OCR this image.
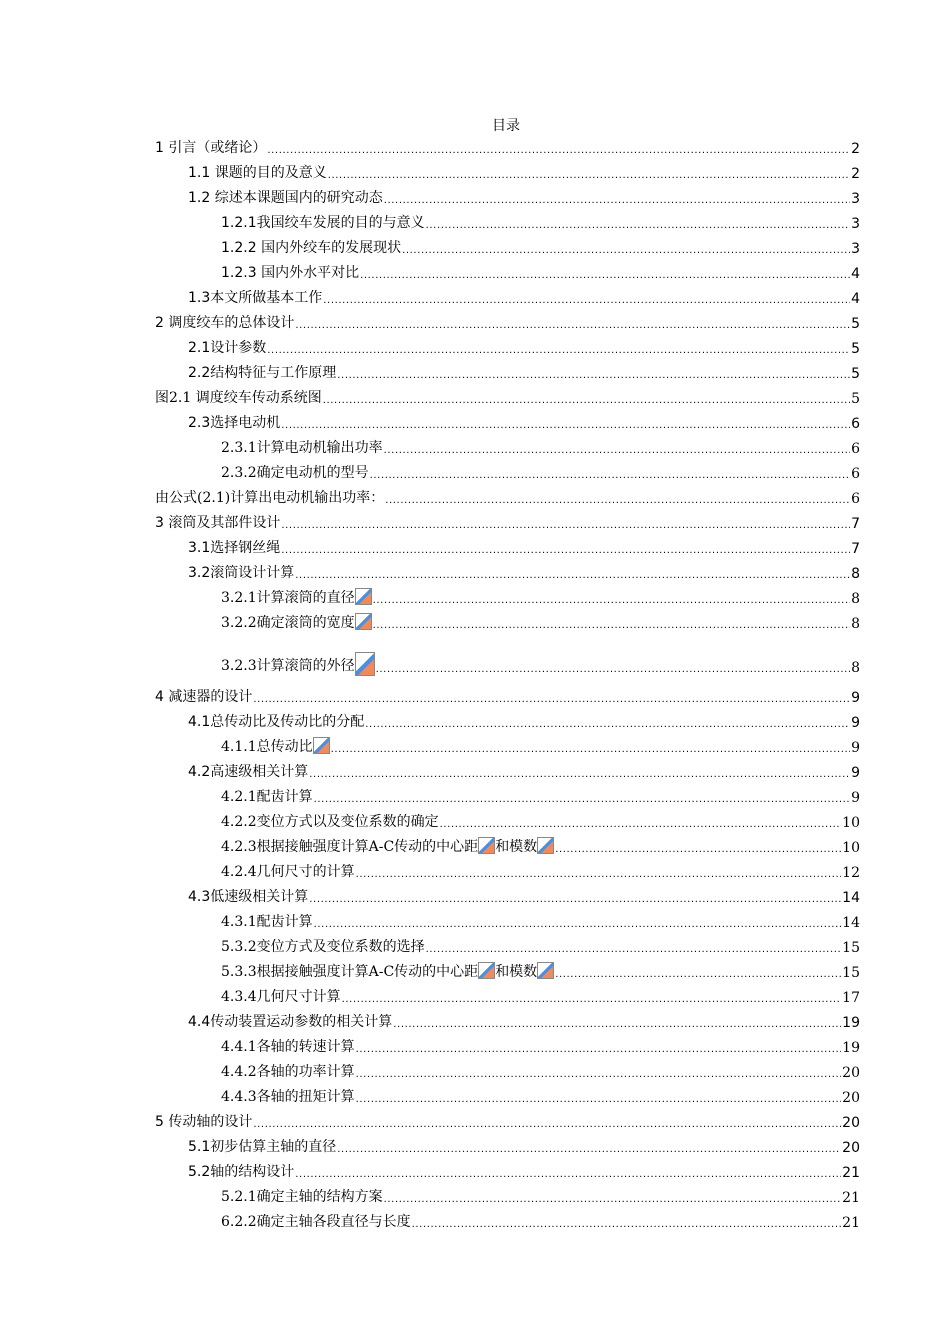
目录
1 引言（或绪论） .....	2
1.1 课题的目的及意义 .....	2
1.2 综述本课题国内的研究动态 .....	3
1.2.1我国绞车发展的目的与意义 .....	3
1.2.2 国内外绞车的发展现状 .....	3
1.2.3 国内外水平对比 .....	4
1.3本文所做基本工作 .....	4
2 调度绞车的总体设计 .....	5
2.1设计参数 .....	5
2.2结构特征与工作原理 .....	5
图2.1 调度绞车传动系统图 .....	5
2.3选择电动机 .....	6
2.3.1计算电动机输出功率 .....	6
2.3.2确定电动机的型号 .....	6
由公式(2.1)计算出电动机输出功率： .....	6
3 滚筒及其部件设计 .....	7
3.1选择钢丝绳 .....	7
3.2滚筒设计计算 .....	8
3.2.1计算滚筒的直径 .....	8
3.2.2确定滚筒的宽度 .....	8
3.2.3计算滚筒的外径 .....	8
4 减速器的设计 .....	9
4.1总传动比及传动比的分配 .....	9
4.1.1总传动比 .....	9
4.2高速级相关计算 .....	9
4.2.1配齿计算 .....	9
4.2.2变位方式以及变位系数的确定 .....	10
4.2.3根据接触强度计算A-C传动的中心距 和模数 .....	10
4.2.4几何尺寸的计算 .....	12
4.3低速级相关计算 .....	14
4.3.1配齿计算 .....	14
5.3.2变位方式及变位系数的选择 .....	15
5.3.3根据接触强度计算A-C传动的中心距 和模数 .....	15
4.3.4几何尺寸计算 .....	17
4.4传动装置运动参数的相关计算 .....	19
4.4.1各轴的转速计算 .....	19
4.4.2各轴的功率计算 .....	20
4.4.3各轴的扭矩计算 .....	20
5 传动轴的设计 .....	20
5.1初步估算主轴的直径 .....	20
5.2轴的结构设计 .....	21
5.2.1确定主轴的结构方案 .....	21
6.2.2确定主轴各段直径与长度 .....	21
